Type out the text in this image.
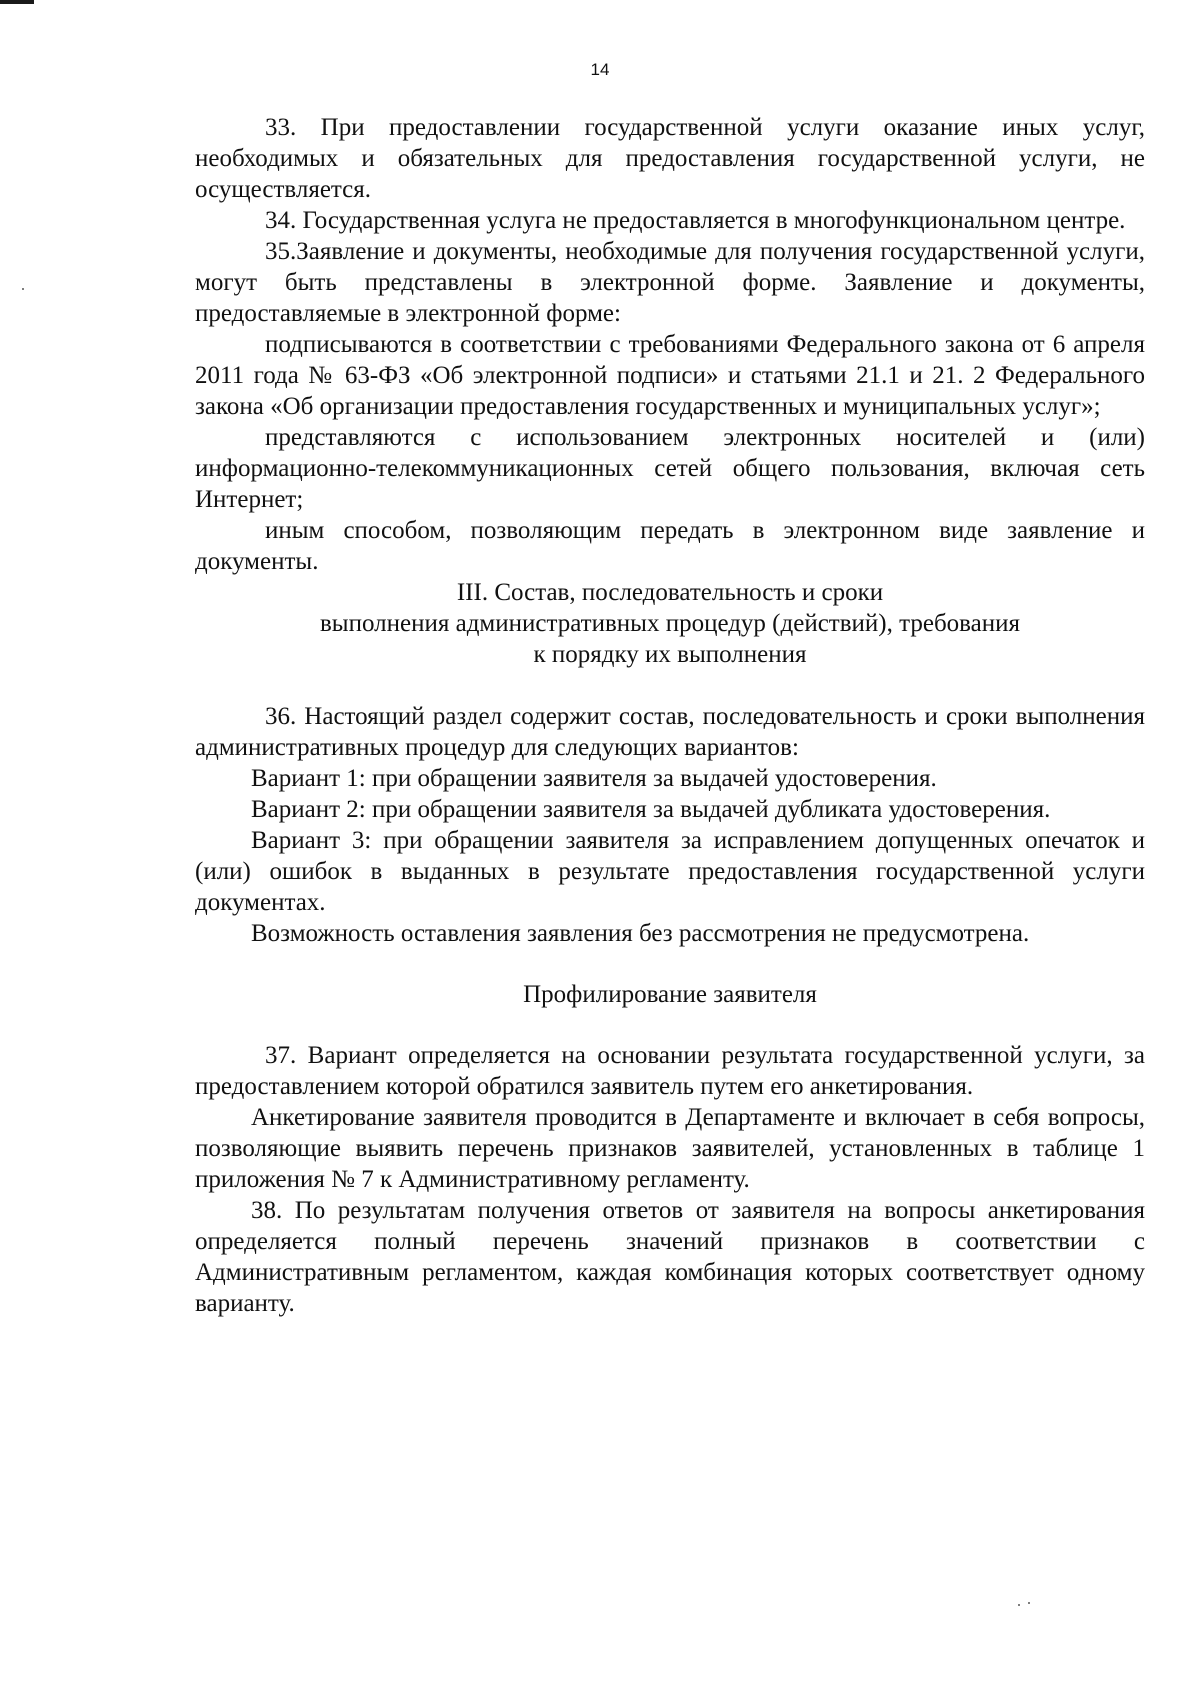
14

33. При предоставлении государственной услуги оказание иных услуг, необходимых и обязательных для предоставления государственной услуги, не осуществляется.

34. Государственная услуга не предоставляется в многофункциональном центре.

35.Заявление и документы, необходимые для получения государственной услуги, могут быть представлены в электронной форме. Заявление и документы, предоставляемые в электронной форме:

подписываются в соответствии с требованиями Федерального закона от 6 апреля 2011 года № 63-ФЗ «Об электронной подписи» и статьями 21.1 и 21. 2 Федерального закона «Об организации предоставления государственных и муниципальных услуг»;

представляются с использованием электронных носителей и (или) информационно-телекоммуникационных сетей общего пользования, включая сеть Интернет;

иным способом, позволяющим передать в электронном виде заявление и документы.

III. Состав, последовательность и сроки
выполнения административных процедур (действий), требования
к порядку их выполнения

36. Настоящий раздел содержит состав, последовательность и сроки выполнения административных процедур для следующих вариантов:

Вариант 1: при обращении заявителя за выдачей удостоверения.

Вариант 2: при обращении заявителя за выдачей дубликата удостоверения.

Вариант 3: при обращении заявителя за исправлением допущенных опечаток и (или) ошибок в выданных в результате предоставления государственной услуги документах.

Возможность оставления заявления без рассмотрения не предусмотрена.

Профилирование заявителя

37. Вариант определяется на основании результата государственной услуги, за предоставлением которой обратился заявитель путем его анкетирования.

Анкетирование заявителя проводится в Департаменте и включает в себя вопросы, позволяющие выявить перечень признаков заявителей, установленных в таблице 1 приложения № 7 к Административному регламенту.

38. По результатам получения ответов от заявителя на вопросы анкетирования определяется полный перечень значений признаков в соответствии с Административным регламентом, каждая комбинация которых соответствует одному варианту.
